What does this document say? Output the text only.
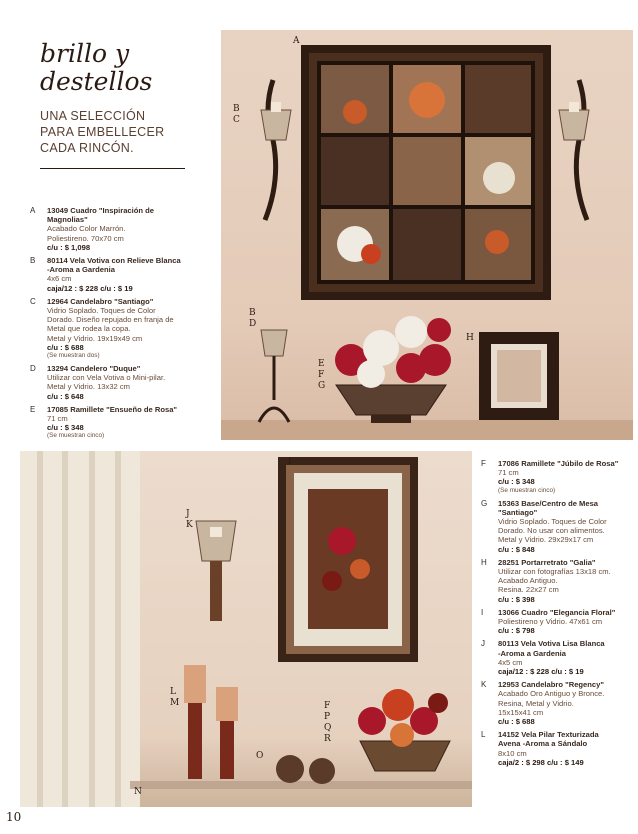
brillo y
destellos
UNA SELECCIÓN
PARA EMBELLECER
CADA RINCÓN.
A	13049 Cuadro "Inspiración de
Magnolias"
Acabado Color Marrón.
Poliestireno. 70x70 cm
c/u : $ 1,098
B	80114 Vela Votiva con Relieve Blanca
-Aroma a Gardenia
4x6 cm
caja/12 : $ 228 c/u : $ 19
C	12964 Candelabro "Santiago"
Vidrio Soplado. Toques de Color
Dorado. Diseño repujado en franja de
Metal que rodea la copa.
Metal y Vidrio. 19x19x49 cm
c/u : $ 688
(Se muestran dos)
D	13294 Candelero "Duque"
Utilizar con Vela Votiva o Mini-pilar.
Metal y Vidrio. 13x32 cm
c/u : $ 648
E	17085 Ramillete "Ensueño de Rosa"
71 cm
c/u : $ 348
(Se muestran cinco)
F	17086 Ramillete "Júbilo de Rosa"
71 cm
c/u : $ 348
(Se muestran cinco)
G	15363 Base/Centro de Mesa
"Santiago"
Vidrio Soplado. Toques de Color
Dorado. No usar con alimentos.
Metal y Vidrio. 29x29x17 cm
c/u : $ 848
H	28251 Portarretrato "Galia"
Utilizar con fotografías 13x18 cm.
Acabado Antiguo.
Resina. 22x27 cm
c/u : $ 398
I	13066 Cuadro "Elegancia Floral"
Poliestireno y Vidrio. 47x61 cm
c/u : $ 798
J	80113 Vela Votiva Lisa Blanca
-Aroma a Gardenia
4x5 cm
caja/12 : $ 228 c/u : $ 19
K	12953 Candelabro "Regency"
Acabado Oro Antiguo y Bronce.
Resina, Metal y Vidrio.
15x15x41 cm
c/u : $ 688
L	14152 Vela Pilar Texturizada
Avena -Aroma a Sándalo
8x10 cm
caja/2 : $ 298 c/u : $ 149
A
B
C
B
D
E
F
G
H
I
J
K
L
M	F
P
Q
R
O
N
10
